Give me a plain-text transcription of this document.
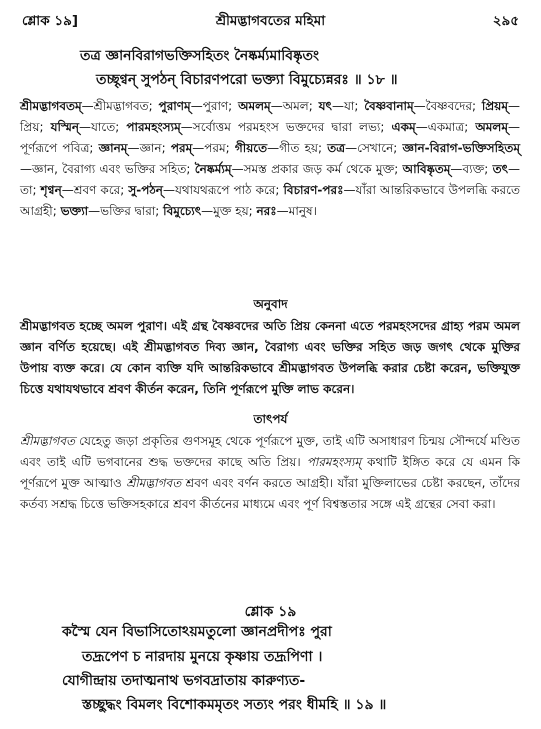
শ্লোক ১৯]	শ্রীমদ্ভাগবতের মহিমা	২৯৫
তত্র জ্ঞানবিরাগভক্তিসহিতং নৈষ্কর্ম্যমাবিষ্কৃতং
তচ্ছৃণ্বন্ সুপঠন্ বিচারণপরো ভক্ত্যা বিমুচ্যেন্নরঃ ॥ ১৮ ॥
শ্রীমদ্ভাগবতম্—শ্রীমদ্ভাগবত; পুরাণম্—পুরাণ; অমলম্—অমল; যৎ—যা; বৈষ্ণবানাম্—বৈষ্ণবদের; প্রিয়ম্—প্রিয়; যস্মিন্—যাতে; পারমহংস্যম্—সর্বোত্তম পরমহংস ভক্তদের দ্বারা লভ্য; একম্—একমাত্র; অমলম্—পূর্ণরূপে পবিত্র; জ্ঞানম্—জ্ঞান; পরম্—পরম; গীয়তে—গীত হয়; তত্র—সেখানে; জ্ঞান-বিরাগ-ভক্তিসহিতম্—জ্ঞান, বৈরাগ্য এবং ভক্তির সহিত; নৈষ্কর্ম্যম্—সমস্ত প্রকার জড় কর্ম থেকে মুক্ত; আবিষ্কৃতম্—ব্যক্ত; তৎ—তা; শৃণ্বন্—শ্রবণ করে; সু-পঠন্—যথাযথরূপে পাঠ করে; বিচারণ-পরঃ—যাঁরা আন্তরিকভাবে উপলব্ধি করতে আগ্রহী; ভক্ত্যা—ভক্তির দ্বারা; বিমুচ্যেৎ—মুক্ত হয়; নরঃ—মানুষ।
অনুবাদ
শ্রীমদ্ভাগবত হচ্ছে অমল পুরাণ। এই গ্রন্থ বৈষ্ণবদের অতি প্রিয় কেননা এতে পরমহংসদের গ্রাহ্য পরম অমল জ্ঞান বর্ণিত হয়েছে। এই শ্রীমদ্ভাগবত দিব্য জ্ঞান, বৈরাগ্য এবং ভক্তির সহিত জড় জগৎ থেকে মুক্তির উপায় ব্যক্ত করে। যে কোন ব্যক্তি যদি আন্তরিকভাবে শ্রীমদ্ভাগবত উপলব্ধি করার চেষ্টা করেন, ভক্তিযুক্ত চিত্তে যথাযথভাবে শ্রবণ কীর্তন করেন, তিনি পূর্ণরূপে মুক্তি লাভ করেন।
তাৎপর্য
শ্রীমদ্ভাগবত যেহেতু জড়া প্রকৃতির গুণসমূহ থেকে পূর্ণরূপে মুক্ত, তাই এটি অসাধারণ চিন্ময় সৌন্দর্যে মণ্ডিত এবং তাই এটি ভগবানের শুদ্ধ ভক্তদের কাছে অতি প্রিয়। পারমহংস্যম্ কথাটি ইঙ্গিত করে যে এমন কি পূর্ণরূপে মুক্ত আত্মাও শ্রীমদ্ভাগবত শ্রবণ এবং বর্ণন করতে আগ্রহী। যাঁরা মুক্তিলাভের চেষ্টা করছেন, তাঁদের কর্তব্য সশ্রদ্ধ চিত্তে ভক্তিসহকারে শ্রবণ কীর্তনের মাধ্যমে এবং পূর্ণ বিশ্বস্ততার সঙ্গে এই গ্রন্থের সেবা করা।
শ্লোক ১৯
কস্মৈ যেন বিভাসিতোঽয়মতুলো জ্ঞানপ্রদীপঃ পুরা
তদ্রূপেণ চ নারদায় মুনয়ে কৃষ্ণায় তদ্রূপিণা ।
যোগীন্দ্রায় তদাত্মনাথ ভগবদ্রাতায় কারুণ্যত-
স্তচ্ছুদ্ধং বিমলং বিশোকমমৃতং সত্যং পরং ধীমহি ॥ ১৯ ॥
